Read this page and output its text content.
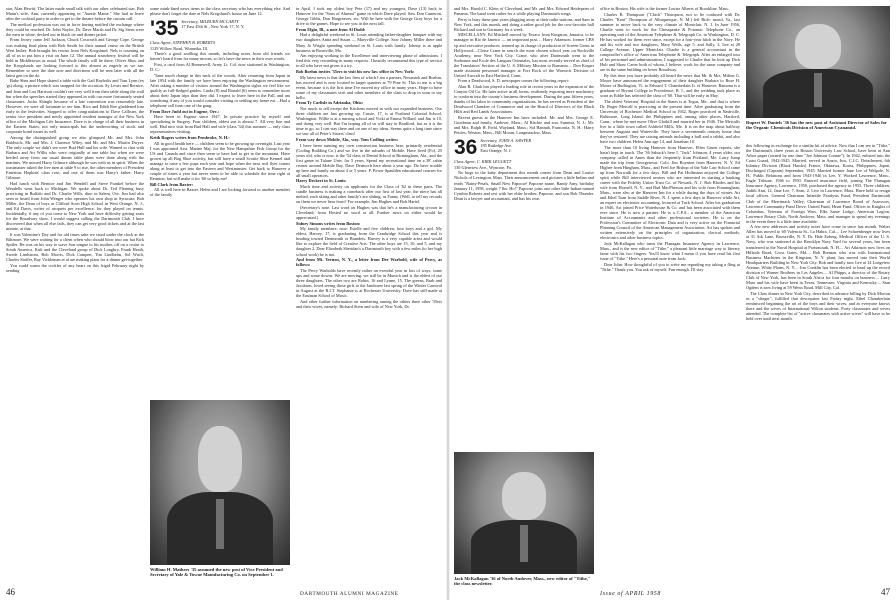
star, Alan Hewitt. The latter made small talk with our other celebrated star, Bob Mann's wife, Ann, currently appearing in "Auntie Mame." She had to leave after the cocktail party in order to get to the theatre before the curtain call.

The medical profession was out in force having notified the exchange where they could be reached. Dr. John Naylor, Dr. Dave Marsh and Dr. Sig Stern were the men in white, decked out in black tie and dinner jacket.

From Jersey came Jeff Jackson, Chuck Cosworth and George Cope. George was making final plans with Bob Smith for their annual cruise on the British West Indies. Bob brought his rescue from Nels Krogslund. Nels is counting on all of us to put him a visit on June 12. The annual strawberry festival will be held in Middletown as usual. The whole family will be there, Oliver Shoo and the Krogslunds are looking forward to this almost as eagerly as we are. Remember to save the date now and directions will be sent later with all the latest gen on the do.

Babe Shea and Hope shared a table with the Gail Rayholts and Tom Lynn (ex 'gs) along, a picture which was snapped for the occasion. Sy Lewis and Bernice, and Jean and Lou Harrison couldn't see very well from their table along the wall but when the speeches started they appeared in with our more fortunately seated classmates. Jocko Shingle because of a late convention was reasonably late. However, we were all fortunate to see him. Rico and Edith Roe gladdened him early in the festivities. Stopped to offer congratulations to Dave Callister, the senior vice president and newly appointed resident manager of the New York office of the Michigan Life Insurance. Dave is in charge of all their business in the Eastern States, not only municipals but the underwriting of stock and corporate bond issues as well.

Among the distinguished group we also glimpsed Mr. and Mrs. John Baldwick, Mr. and Mrs. J. Clarence Wiley, and Mr. and Mrs. Martin Dwyer. The only couple we didn't see were Bud Hull and his wife. Wanted to chat with Barbara and Art Willis who were originally at one table but when we were herded away from our usual dinner table plans were done along with the martinis. We missed Harry Gilmore although he was with us in spirit. When the toastmaster asked the five men at table 9 to rise, the other members of President Emeritus Hopkins' class rose, and one of them was Harry's father, Harry Gilmore.

Had lunch with Bernice and Jim Wendell and Steve Frankel before the Wendells went back to Michigan. We spoke about Dr. Ted Fleming busy practicing in Buffalo and Dr. Charlie Wills, dino in Salem, Ore. Jim had also seen or heard from John Wenger who operates his own shop in Syracuse, Bob Miller, the Dean of boys at Clifford Scott High School in West Orange, N. J., and Ed Davis, writer of racquets per excellence, for they played on tennis. Incidentally, if any of you come to New York and have difficulty getting seats for the Broadway show, I would suggest calling the Dartmouth Club. I have discovered that when all else fails, they can get very good tickets and at the last minute, at that.

It was Valentine's Day and for old times sake we stood under the clock at the Biltmore. We were waiting for a client when who should blow into our hat Kirk Spitler. He was on his way to wave Son tongue to his mother, off on a cruise to South America. Kirk and the Cleveland group of Dick Loughry, Frank Heath, Swede Lindstrom, Bob Morris, Dick Campen, Tim Lindheim, Sol Wuch, Charles Stoffer, Ray Vickleman et al are making plans for a dinner get-together.

You could warm the cockles of any heart on this frigid February night by sending

some mink-lined news items to the class secretary who has everything else. And please don't forget the date at Nels Krogslund's house on June 12.

'35 Secretary, MILBURN MCCARTY
17 East 45th St., New York 17, N. Y.

Class Agent, STEPHEN B. ROBERTS

1129 Willow Road, Winnetka, Ill.

There's a good smilling this month, including notes from old friends we haven't heard from for many moons, so let's have the news in their own words.

First, a card from Al Bonnewell, Army Lt. Col. now stationed in Washington, D. C.:

'Taint much change in this neck of the woods. After returning from Japan in late 1954 with the family we have been enjoying the Washington environment. After taking a number of visitors around the Washington sights we feel like we qualify as full-fledged guides. Linda (8) and Ronald (6) seem to remember more about their Japan trips than they did. I expect to leave here in the Fall, and am wondering if any of you would consider visiting or settling my home ext....Had a telephone call from one of the gang.

From Dave Judd out in Eugene, Ore.:

Have been in Eugene since 1947. In private practice by myself and specializing in Surgery. Four children, oldest son is almost 7. All very fine and well. Had nice visit from Bud Hall and wife (class '34) this summer — only class representatives visiting.

Keith Rogers writes from Pembroke, N. H.:

All in good health here — children seem to be growing up overnight. Last year I was appointed Asst. Marine Maj. for the New Hampshire Fish Group for the US and Canada and since then seem to have had to get in the mountain. Have grown up all Bog Shoe activity, but still have a small Scottie Shoe Kennel and manage to raise a few pups each year and hope when the next real flyer comes along at least to get into the Eastern and Westminster. Get back to Hanover a couple of times a year but never seem to be able to schedule the time right at Reunion, but will make it for '60 so help me!

Bill Clark from Baxter:

All is well here in Baxter. Helen and I are looking forward to another member of the family

William H. Mathers '35 assumed the new post of Vice President and Secretary of Yale & Towne Manufacturing Co. on September 1.

in April. I took my oldest boy Pete (17) and my youngest, Dave (13) back to Hanover for the "Sons of Alumni" game in which Dave played. Saw Don Cameron, George Gibbs, Don Hargreaves, etc. Will be here with the George Gray boys for a drive to the games. Hope to see you in the next fall.

From Elgin, Ill., a note from Al Dodd:

Had a delightful weekend in St. Louis attending father-daughter banquet with my two daughters Anita and Susan — Maryville College. Saw Johnny Miller there and Mary Jo Wright spending weekend in St. Louis with family. Johnny is in apple business in Boonville, Mo.

Am enjoying working in the Excellence and interviewing phase of admissions. I find this very rewarding in many respects. I heartily recommend this type of service to all who have not given it a try.

Bob Boehm invites '35ers to visit his new law office in New York:

My latest news is that the law firm of which I am a partner, Newmark and Boehm, has moved and is now located in larger quarters at 79 Pine St. This to me is a big event, because it is the first time I've moved my office in many years. Hope to have some of my classmates visit and other members of the class to drop in soon to say hello.

From Ty Carlisle in Adrianka, Ohio:

Not much to tell except the Kitchens moved in with our expanded business. Our three children are fast growing up. Cassie, 17, is at Portland Colonial School, Washington. Willie is at a nursing school and Vicki at Emma Willard, and Jim is 10, and doing very well. But I'm hoping all of us will stay in Bradford, but as it is the time to go, so I can stay there and on one of my ideas. Seems quite a long time since we saw all of Peter's Sisters' class!

From way down Mobile, Ala., way. Tom Codling writes:

I have been running my own construction business here, primarily residential (Coding Building Co.) and we live in the suburbs of Mobile. Have lived (Fo), 25 years old, who is now, is the '54 class of Dental School at Birmingham, Ala., and the first game in Tulane Univ. for 5 years. Spend my recreational time on a 38' cabin cruiser around Mobile Bay. Dave Dernorch here about a year ago. Do have trouble up here and family on about 4 or 5 years. P. Power Spaulden educational courses for all small operators.

Harry Deckert in St. Louis:

Much time and activity on applicants for the Class of '62 in these parts. The candle business is making a comeback after our first of last year, the niece has all melted, each skiing and other family's are sliding, as Fanny. (Well, to tell my records on them we never hear from? For example, Jim Hughes and Bob Hartel.

(Secretary's note: Last word on Hughes was that he's a manufacturing tycoon in Cleveland; from Hosted no word at all. Further news on either would be appreciated.)

Sidney Simons writes from Boston:

My family members: now: Estelle and five children; four boys and a girl. My eldest, Harvey, 17, is graduating from the Cambridge School this year and is heading toward Dartmouth or Brandeis. Harvey is a very capable artist and would like to explore the field of Creative Arts. The other boys are 15, 10, and 5, and my daughter 2. Dear Elizabeth Sheridan's a Dartmouth boy with a few miles (to her high school work) he is not.

And from Mt. Vernon, N. Y., a letter from Dee Warbold, wife of Percy, as follows:

The Percy Warbolds have recently rather an eventful year in lots of ways, some ups and some downs. We are moving, we still be in Munich and is the eldest of our three daughters. The other two are Robin, 16 and Lynne, 15. The greens, Barb and Jacobsen, loved seeing those girls to the Jamboree last spring of the Winter Carnival in August at the R.I.T. Stephanie is at Rochester University. Dave has still made at the Eastman School of Music.

And other further information on numbering among the others three other '35ers and their wives, namely: Richard Stern and wife of New York, Dr.

46	DARTMOUTH ALUMNI MAGAZINE

and Mrs. Harold C. Klein of Cleveland, and Mr. and Mrs. Edward Heidepeter of Panama. The band went rather for a while playing Dartmouth songs.

Perry is busy these past years plugging away at their radio stations, and Sam in New York, and this month, and doing a rather good job for the cow-favorite hall Richard and son in Germany for a week.

MISCELLANY: Ed Mitchell moved by Texaco from Kingston, Jamaica, to be manager in Rio de Janeiro — an important post.... Harry Adamson, former CBS vp and executive producer, teamed up in charge of production of Screen Gems in Hollywood....Cloise Crane in search the most chosen school year on Rockville Academy, near New York City. Crane, who after Dartmouth went to the Sorbonne and Ecole des Langues Orientales, has most recently served as chief of the Translators' Section of the U. S. Military Mission to Romania.... Don Kasper made assistant personnel manager at Fort Rock of the Warwick Division of United Aircraft in East Hartford, Conn.

From a Deadwood, S. D. newspaper comes the following report:

Alan B. Clark has played a leading role in recent years in the expansion of the Canyon Oil Co. He later active in all forms, resiliently exposing more machinery to conform into the county's business development. During the past fifteen years, thanks of his labor in community organizations, he has served as President of the Deadwood Chamber of Commerce and on the Board of Directors of the Black Hills and Red Lands Associations.

Recent guests at the Hanover Inn have included: Mr. and Mrs. George E. Goodman and family, Andover, Mass.; Al Ritchie and son, Summit, N. J.; Mr. and Mrs. Ralph H. Field, Wayland, Mass.; Sol Hannah, Franconia, N. H.; Harry Petries, Weston, Mass.; Bill Moran, Longmeadow, Mass.

36 Secretary, JOHN A. SAWYER
185 Rutledge Ave.
East Orange, N. J.

Class Agent, C. KIRK LEGGETT

130 Glenview Ave., Wyncote, Pa.

No bugs in the baby department this month comes from Dean and Louise Nichols of Lexington, Mass. Their announcement card pictures a little Indian and reads "Rainy-Petals, Small New Papoose! Papoose name, Randy Amy, birthday January 11, 1958, weight 7 lbs. Ho!" Papoose joins one other little Indian named Cynthia Roberts and rest with her elder brother, Papoose, and son Bob Thunder. Dean is a lawyer and accountant, and has his own

Jack McKallagan '36 of North Andover, Mass., new editor of "Tithe," the class newsletter.

office in Boston. His wife is the former Louise Alberts of Brookline, Mass.

Charles B. Thompson ("Chick" Thompson, not to be confused with Dr. Charles "Kent" Thompson of Albuquerque, N. M.) left Rich- mond, Va., last summer to move back to the very climate of Montclair, N. J. In June 1956, Charlie went to work for the Chesapeake & Potomac Telephone Co., an operating unit of the American Telephone & Telegraph Co. in Washington, D. C. He has worked for them ever since, except for a four-year hitch in the Navy. He and his wife and two daughters, Mary Wells, age 5, and Sally, 3, live at 28 College Avenue, Upper Montclair. Charlie is a general accountant in the comptroller's office of American Telephone & Telegraph. After an enlarged tour of his personnel and administration, I suggested to Charlie that he look up Dick Holt and Shaw Carter both of whom, I believe, work for the same company and are in the same building on lower Broadway.

By this time you have probably all heard the news that Mr. & Mrs. Milton G. Moore have announced the engagement of their daughter Barbara to Rose H. Moore of Burlington, Vt. to Edward T. Chamberlain Jr. of Hanover. Ramona is a graduate of Bryant College in Providence, R. I., and the wedding took place as soon as Eddie has selected the class of '60. That will be early in May.

The oldest Veterans' Hospital in the States is at Togus, Me., and that is where Dr. Roger Metcalf is practicing at the present time. After graduating from the University of Rochester Medical School in 1942, Roger practiced in Nashville, Baltimore, Long Island, the Philippines and, among other places, Hartford, Conn., where he met nurse Olive Glothill and married her in 1946. The Metcalfs live in a little town called Ashfield Mills, Me. It is on the map about halfway between Augusta and Waterville. They have a seventeenth century home that they've restored. They are raising animals including a bull and a rabbit, and also have two children. Helen Ann age 14, and Jonathan 10.

The more than 10 living Hanover from Hanover, Ellen Gruen reports, she hasn't kept in touch. The '36 Sabuck's here I. "Jack" Johnson, 4 years older, our company called in Ames than the frequently from Portland, Me. Larry Jump made the trip from Georgetown, Colo. Jim Boynton from Hanover, N. Y. Ed Higbee from Hingham, Mass., and Fred Joe Bishop of the Yale Law School came up from Norwalk for a few days. Bill and Pat Hoffmann enjoyed the College spirit while Bill interviewed seniors who are interested in starting a banking career with the Fidelity Union Trust Co. of Newark, N. J. Bob Rhodes and his wife from Hornell, N. Y., and Bud MacPherson and his wife from Framingham, Mass., were also at the Hanover Inn for a while during the days of winter. Art and Ethel Toan from Saddle River, N. J. spent a few days in Hanover while Art, an expert on electronic accounting, lectured at Tuck School. After his graduation in 1946, Art joined Price Waterhouse & Co. and has been associated with them ever since. He is now a partner. He is a C.P.A., a member of the American Institute of Accountants and other professional societies. He is on the Profession's Committee of Electronic Data and is very active on the Financial Planning Council of the American Management Association. Art has spoken and written extensively on the principles of organization, clerical methods, electronics and other business topics.

Jack McKallagan who turns the Flanagan Insurance Agency in Lawrence, Mass., and is the new editor of "Tithe," a pleasant little marriage way to literary fame with his two fingers. You'll know what I mean if you have read his first issue of "Tithe." Here's a personal note from Jack:

Dear John: How thoughtful of you to write me regarding my taking a fling at "Tithe." Thank you. You ask of myself. Fun enough. I'll stay

Rupert W. Daniels '36 has the new post of Assistant Director of Sales for the Organic Chemicals Division of American Cyanamid.

this following in exchange for a similar bit of advice. Now that I can see in "Tithe," the Dartmouth, three years at Boston University Law School, have been at Ann Arbor paper (owned by one time "Joe Johnson Connie"). In 1942, enlisted into the Coast Guard, 1942-1945. Married, served in Anzio, Iwo, C.I.C. Detachment, 6th Infantry Division (Black Hawks) France, Okinawa, Korea, Philippines, Japan, Discharged (Captain) September, 1945. Married former Jane Lee of Walpole, N. H., Public Relations and from 1943-1946 in Lee, Y. Worked Lawrence, Mass., Eagle Tribune, 1946 to 1950. Entered insurance field, joining The Flanagan Insurance Agency, Lawrence, 1950, purchased the agency in 1955. Three children, Judith Ann, 12, Jane Lee, 7, Sean, 2. Live in Lawrence, Mass. Have held or resign local offices. General Chairman Infantile Paralysis Fund, President Dartmouth Club of the Merrimack Valley, Chairman of Lawrence Board of Assessors, Lawrence Community Fund Drive, United Fund, Heart Fund. Officer in Knights of Columbus, Veterans of Foreign Wars, Elks Same Lodge, American Legion, Lawrence Rotary Club, North Andover, Mass. and manager to spend my evenings in the event there is a little time available.

A few new addresses and activity notes have come in since last month. Walter Allen has moved to 60 Valencia St., La Habra, Cal.... Lee Schoenberger now lives at 31 Ark Lane, Bronxville, N. Y. Dr. Hale Ezberg, Medical Officer of the U. S. Navy, who was stationed at the Brooklyn Navy Yard for several years, has been transferred to the Naval Hospital at Portsmouth, N. H.... Art Atkinson now lives on Hillside Road, Cross Gates, Md.... Bob Brenton who was with International Business Machines in the Kingston, N. Y. plant, has moved into their World Headquarters Building in New York City. Bob and family now live at 14 Longview Avenue, White Plains, N. Y.... Jim Conklin has been elected to head up the record division of Warner Brothers in Los Angeles.... Al Phipps, a director of the Rotary Club of New York, has been in South Africa for four months on business.... Larry Marx and his wife have been in Texas, Tennessee, Virginia and Kentucky.... Stan Ogdent is now living at 59 Weiss Road, Mill City, Cal.

The Class dinner in New York City, described in advance billing by Dick Morton as a "slinger", fulfilled that description last Friday night. Ethel Chamberlain reminisced beginning the art of the boys and their wives, and as everyone knows there and the wives of International Wilton students. Forty classmates and wives attended. The complete list of "active classmates with active wives" will have to be held over until next month.

Issue of APRIL 1958	47
